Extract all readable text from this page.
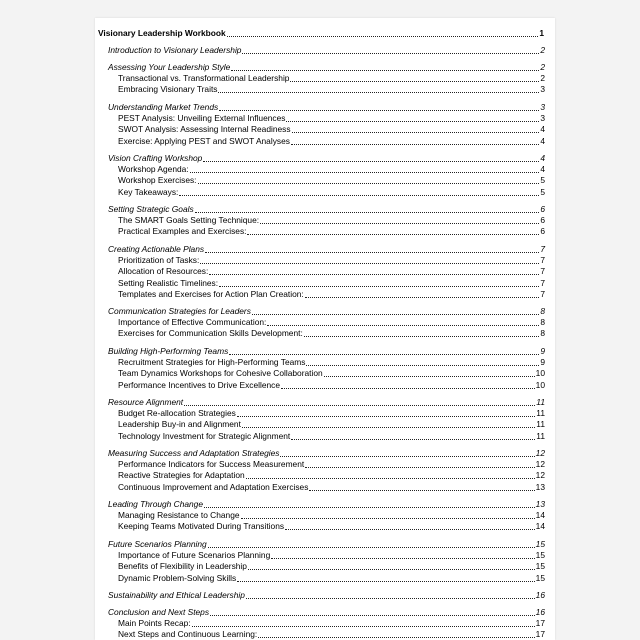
Visionary Leadership Workbook	1
Introduction to Visionary Leadership	2
Assessing Your Leadership Style	2
Transactional vs. Transformational Leadership	2
Embracing Visionary Traits	3
Understanding Market Trends	3
PEST Analysis: Unveiling External Influences	3
SWOT Analysis: Assessing Internal Readiness	4
Exercise: Applying PEST and SWOT Analyses	4
Vision Crafting Workshop	4
Workshop Agenda:	4
Workshop Exercises:	5
Key Takeaways:	5
Setting Strategic Goals	6
The SMART Goals Setting Technique:	6
Practical Examples and Exercises:	6
Creating Actionable Plans	7
Prioritization of Tasks:	7
Allocation of Resources:	7
Setting Realistic Timelines:	7
Templates and Exercises for Action Plan Creation:	7
Communication Strategies for Leaders	8
Importance of Effective Communication:	8
Exercises for Communication Skills Development:	8
Building High-Performing Teams	9
Recruitment Strategies for High-Performing Teams	9
Team Dynamics Workshops for Cohesive Collaboration	10
Performance Incentives to Drive Excellence	10
Resource Alignment	11
Budget Re-allocation Strategies	11
Leadership Buy-in and Alignment	11
Technology Investment for Strategic Alignment	11
Measuring Success and Adaptation Strategies	12
Performance Indicators for Success Measurement	12
Reactive Strategies for Adaptation	12
Continuous Improvement and Adaptation Exercises	13
Leading Through Change	13
Managing Resistance to Change	14
Keeping Teams Motivated During Transitions	14
Future Scenarios Planning	15
Importance of Future Scenarios Planning	15
Benefits of Flexibility in Leadership	15
Dynamic Problem-Solving Skills	15
Sustainability and Ethical Leadership	16
Conclusion and Next Steps	16
Main Points Recap:	17
Next Steps and Continuous Learning:	17
